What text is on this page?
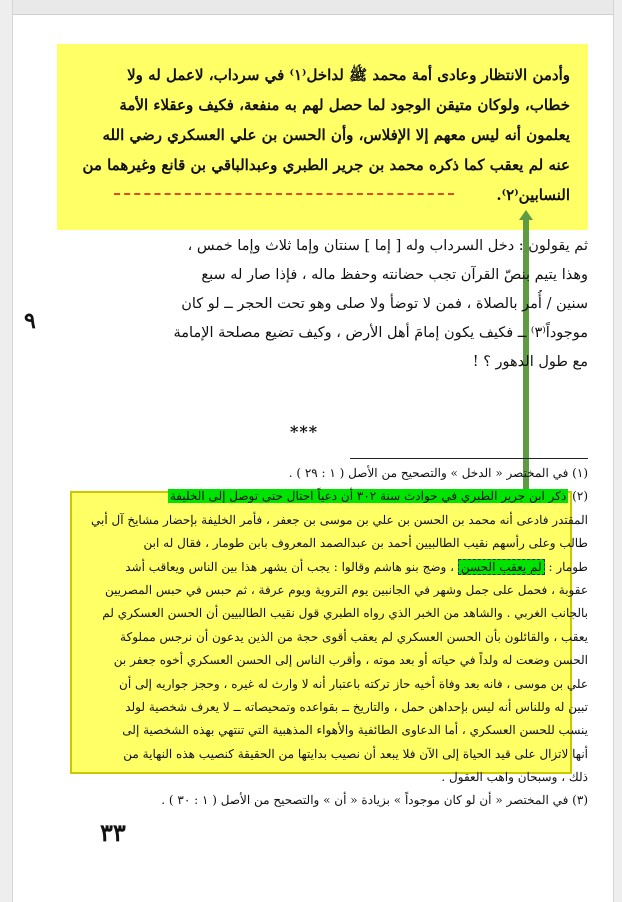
وأدمن الانتظار وعادى أمة محمد ﷺ لداخل⁽١⁾ في سرداب، لاعمل له ولا
خطاب، ولوكان متيقن الوجود لما حصل لهم به منفعة، فكيف وعقلاء الأمة
يعلمون أنه ليس معهم إلا الإفلاس، وأن الحسن بن علي العسكري رضي الله
عنه لم يعقب كما ذكره محمد بن جرير الطبري وعبدالباقي بن قانع وغيرهما من
النسابين⁽٢⁾.
ثم يقولون : دخل السرداب وله [ إما ] سنتان وإما ثلاث وإما خمس ،
وهذا يتيم بنصّ القرآن تجب حضانته وحفظ ماله ، فإذا صار له سبع
سنين / أُمر بالصلاة ، فمن لا توضأ ولا صلى وهو تحت الحجر ــ لو كان
موجوداً⁽٣⁾ ــ فكيف يكون إمامَ أهل الأرض ، وكيف تضيع مصلحة الإمامة
مع طول الدهور ؟ !
٩
***
(١) في المختصر « الدخل » والتصحيح من الأصل ( ١ : ٢٩ ) .
(٢) ذكر ابن جرير الطبري في حوادث سنة ٣٠٢ أن دعياً احتال حتى توصل إلى الخليفة
المقتدر فادعى أنه محمد بن الحسن بن علي بن موسى بن جعفر ، فأمر الخليفة بإحضار مشايخ آل أبي
طالب وعلى رأسهم نقيب الطالبيين أحمد بن عبدالصمد المعروف بابن طومار ، فقال له ابن
طومار : لم يعقب الحسن ، وضج بنو هاشم وقالوا : يجب أن يشهر هذا بين الناس ويعاقب أشد
عقوبة ، فحمل على جمل وشهر في الجانبين يوم التروية ويوم عرفة ، ثم حبس في حبس المصريين
بالجانب الغربي . والشاهد من الخبر الذي رواه الطبري قول نقيب الطالبيين أن الحسن العسكري لم
يعقب ، والقائلون بأن الحسن العسكري لم يعقب أقوى حجة من الذين يدعون أن نرجس مملوكة
الحسن وضعت له ولداً في حياته أو بعد موته ، وأقرب الناس إلى الحسن العسكري أخوه جعفر بن
علي بن موسى ، فانه بعد وفاة أخيه حاز تركته باعتبار أنه لا وارث له غيره ، وحجز جواريه إلى أن
تبين له وللناس أنه ليس بإحداهن حمل ، والتاريخ ــ بقواعده وتمحيصاته ــ لا يعرف شخصية لولد
ينسب للحسن العسكري ، أما الدعاوى الطائفية والأهواء المذهبية التي تنتهي بهذه الشخصية إلى
أنها لاتزال على قيد الحياة إلى الآن فلا يبعد أن نصيب بدايتها من الحقيقة كنصيب هذه النهاية من
ذلك ، وسبحان واهب العقول .
(٣) في المختصر « أن لو كان موجوداً » بزيادة « أن » والتصحيح من الأصل ( ١ : ٣٠ ) .
٣٣
